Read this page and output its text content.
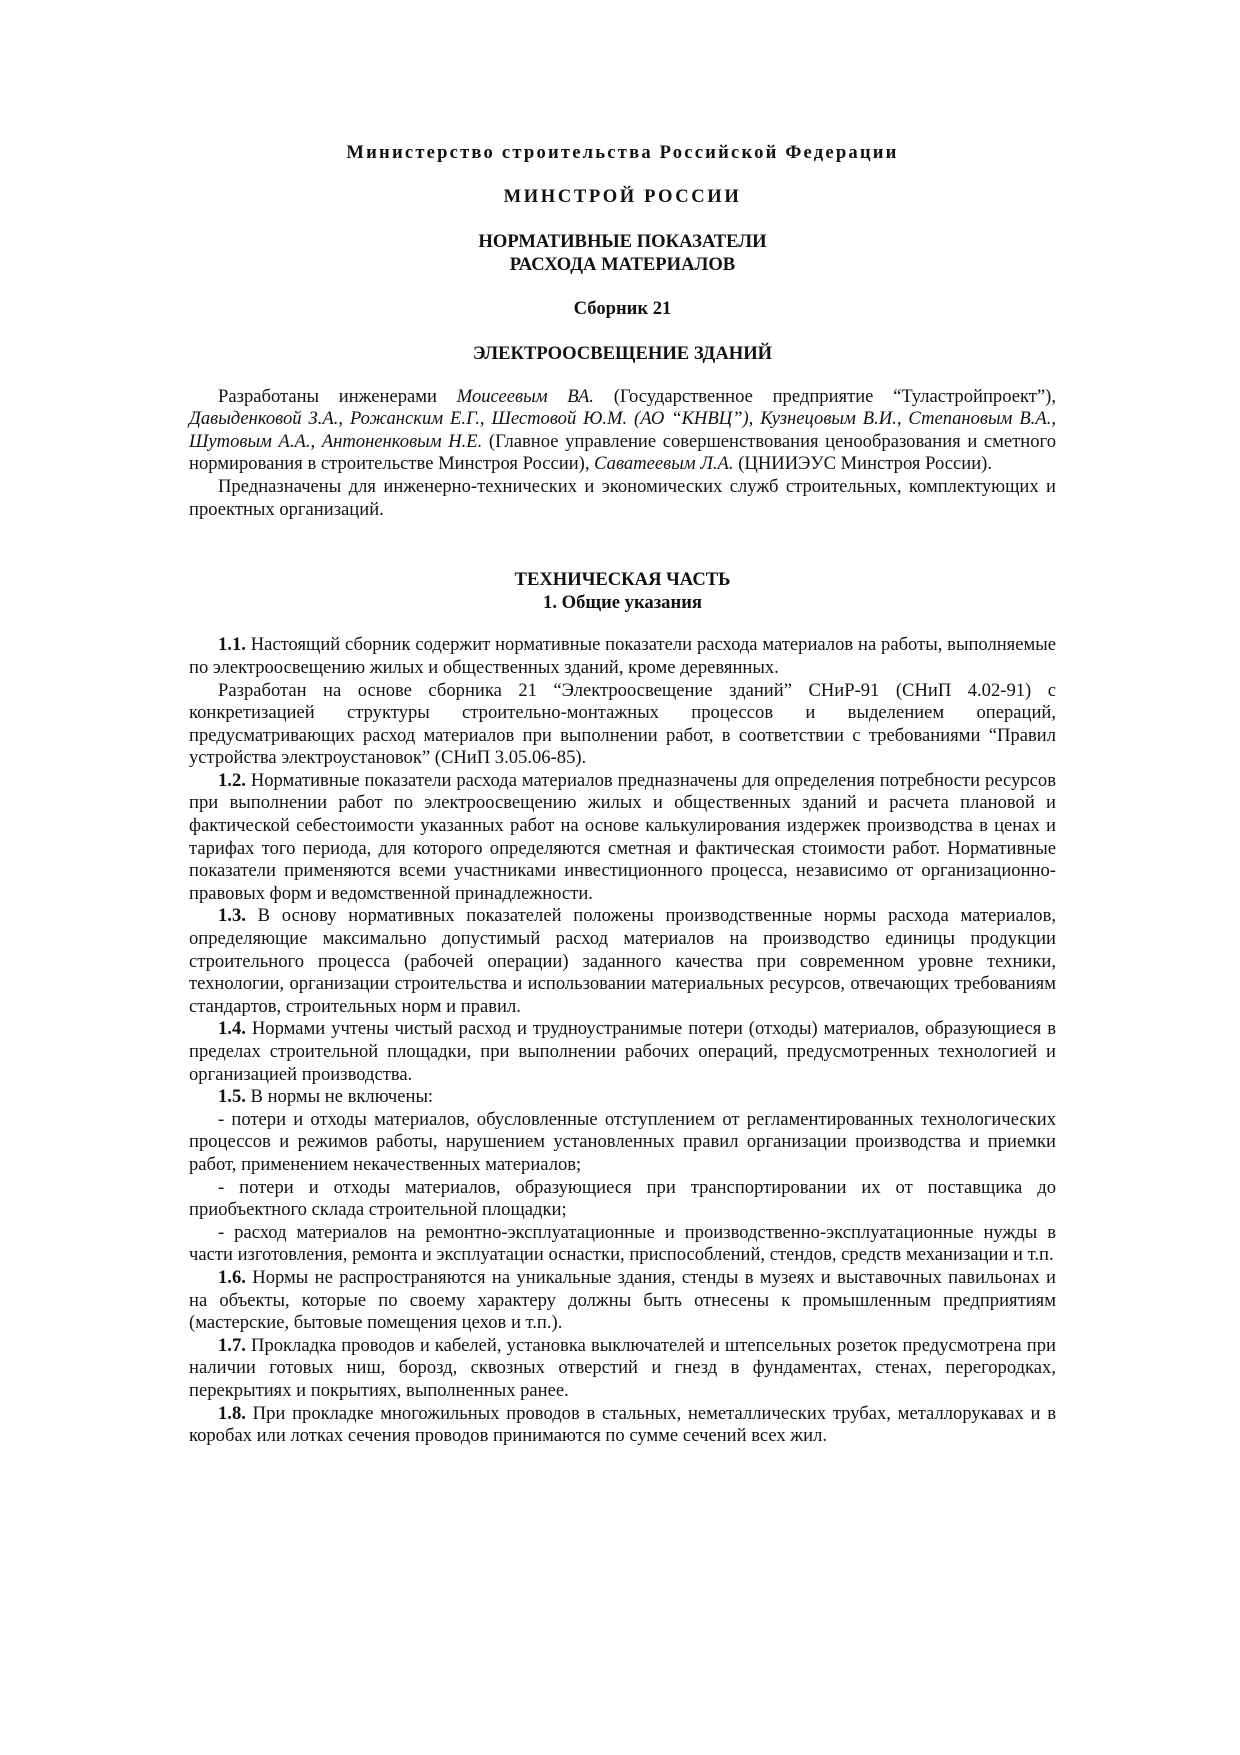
Министерство строительства Российской Федерации
МИНСТРОЙ РОССИИ
НОРМАТИВНЫЕ ПОКАЗАТЕЛИ
РАСХОДА МАТЕРИАЛОВ
Сборник 21
ЭЛЕКТРООСВЕЩЕНИЕ ЗДАНИЙ

Разработаны инженерами Моисеевым ВА. (Государственное предприятие “Туластройпроект”), Давыденковой З.А., Рожанским Е.Г., Шестовой Ю.М. (АО “КНВЦ”), Кузнецовым В.И., Степановым В.А., Шутовым А.А., Антоненковым Н.Е. (Главное управление совершенствования ценообразования и сметного нормирования в строительстве Минстроя России), Саватеевым Л.А. (ЦНИИЭУС Минстроя России).

Предназначены для инженерно-технических и экономических служб строительных, комплектующих и проектных организаций.

ТЕХНИЧЕСКАЯ ЧАСТЬ
1. Общие указания

1.1. Настоящий сборник содержит нормативные показатели расхода материалов на работы, выполняемые по электроосвещению жилых и общественных зданий, кроме деревянных.

Разработан на основе сборника 21 “Электроосвещение зданий” СНиР-91 (СНиП 4.02-91) с конкретизацией структуры строительно-монтажных процессов и выделением операций, предусматривающих расход материалов при выполнении работ, в соответствии с требованиями “Правил устройства электроустановок” (СНиП 3.05.06-85).

1.2. Нормативные показатели расхода материалов предназначены для определения потребности ресурсов при выполнении работ по электроосвещению жилых и общественных зданий и расчета плановой и фактической себестоимости указанных работ на основе калькулирования издержек производства в ценах и тарифах того периода, для которого определяются сметная и фактическая стоимости работ. Нормативные показатели применяются всеми участниками инвестиционного процесса, независимо от организационно-правовых форм и ведомственной принадлежности.

1.3. В основу нормативных показателей положены производственные нормы расхода материалов, определяющие максимально допустимый расход материалов на производство единицы продукции строительного процесса (рабочей операции) заданного качества при современном уровне техники, технологии, организации строительства и использовании материальных ресурсов, отвечающих требованиям стандартов, строительных норм и правил.

1.4. Нормами учтены чистый расход и трудноустранимые потери (отходы) материалов, образующиеся в пределах строительной площадки, при выполнении рабочих операций, предусмотренных технологией и организацией производства.

1.5. В нормы не включены:

- потери и отходы материалов, обусловленные отступлением от регламентированных технологических процессов и режимов работы, нарушением установленных правил организации производства и приемки работ, применением некачественных материалов;

- потери и отходы материалов, образующиеся при транспортировании их от поставщика до приобъектного склада строительной площадки;

- расход материалов на ремонтно-эксплуатационные и производственно-эксплуатационные нужды в части изготовления, ремонта и эксплуатации оснастки, приспособлений, стендов, средств механизации и т.п.

1.6. Нормы не распространяются на уникальные здания, стенды в музеях и выставочных павильонах и на объекты, которые по своему характеру должны быть отнесены к промышленным предприятиям (мастерские, бытовые помещения цехов и т.п.).

1.7. Прокладка проводов и кабелей, установка выключателей и штепсельных розеток предусмотрена при наличии готовых ниш, борозд, сквозных отверстий и гнезд в фундаментах, стенах, перегородках, перекрытиях и покрытиях, выполненных ранее.

1.8. При прокладке многожильных проводов в стальных, неметаллических трубах, металлорукавах и в коробах или лотках сечения проводов принимаются по сумме сечений всех жил.
